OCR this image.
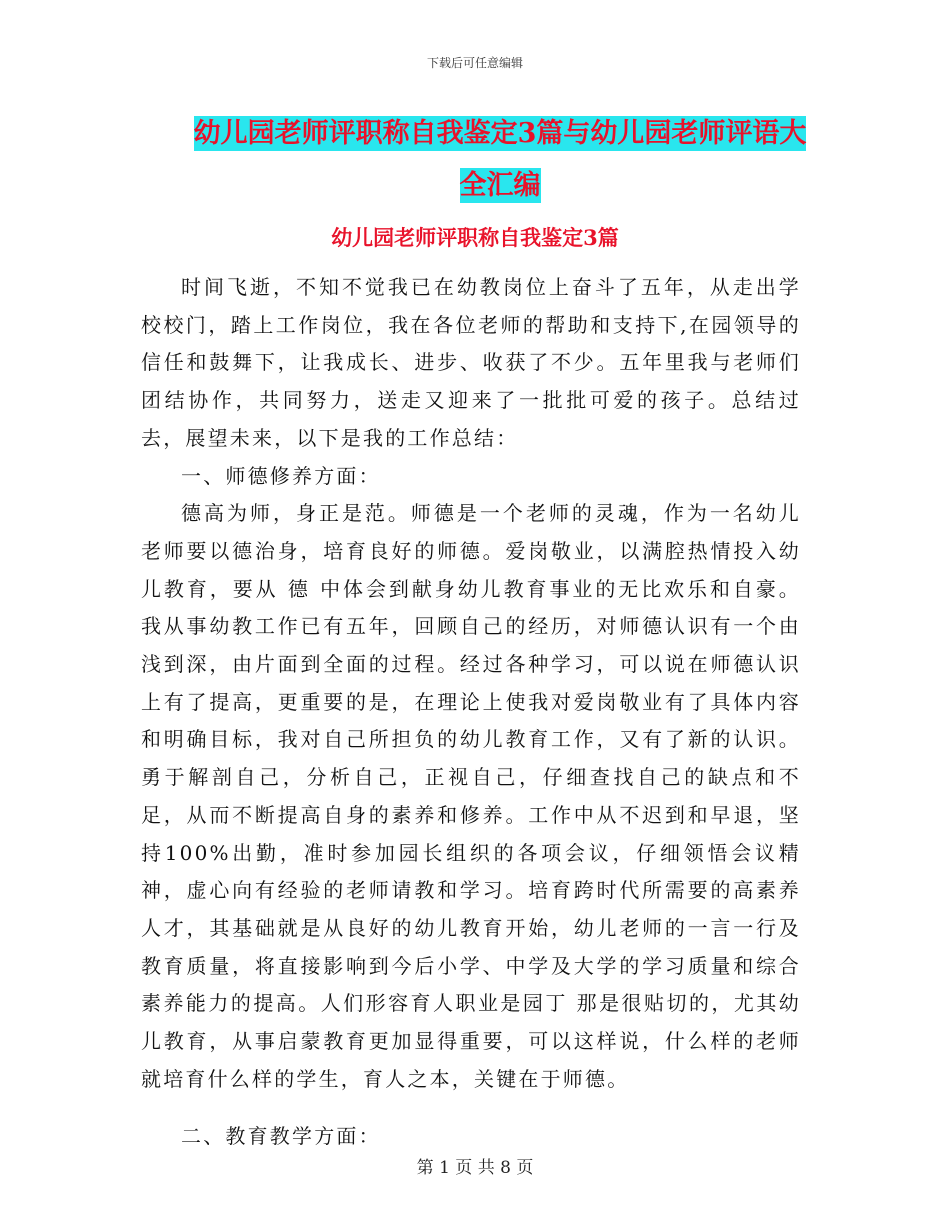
下载后可任意编辑
幼儿园老师评职称自我鉴定3篇与幼儿园老师评语大
全汇编
幼儿园老师评职称自我鉴定3篇

时间飞逝，不知不觉我已在幼教岗位上奋斗了五年，从走出学校校门，踏上工作岗位，我在各位老师的帮助和支持下,在园领导的信任和鼓舞下，让我成长、进步、收获了不少。五年里我与老师们团结协作，共同努力，送走又迎来了一批批可爱的孩子。总结过去，展望未来，以下是我的工作总结：

一、师德修养方面：

德高为师，身正是范。师德是一个老师的灵魂，作为一名幼儿老师要以德治身，培育良好的师德。爱岗敬业，以满腔热情投入幼儿教育，要从 德 中体会到献身幼儿教育事业的无比欢乐和自豪。我从事幼教工作已有五年，回顾自己的经历，对师德认识有一个由浅到深，由片面到全面的过程。经过各种学习，可以说在师德认识上有了提高，更重要的是，在理论上使我对爱岗敬业有了具体内容和明确目标，我对自己所担负的幼儿教育工作，又有了新的认识。勇于解剖自己，分析自己，正视自己，仔细查找自己的缺点和不足，从而不断提高自身的素养和修养。工作中从不迟到和早退，坚持100%出勤，准时参加园长组织的各项会议，仔细领悟会议精神，虚心向有经验的老师请教和学习。培育跨时代所需要的高素养人才，其基础就是从良好的幼儿教育开始，幼儿老师的一言一行及教育质量，将直接影响到今后小学、中学及大学的学习质量和综合素养能力的提高。人们形容育人职业是园丁 那是很贴切的，尤其幼儿教育，从事启蒙教育更加显得重要，可以这样说，什么样的老师就培育什么样的学生，育人之本，关键在于师德。

二、教育教学方面：

第 1 页 共 8 页
